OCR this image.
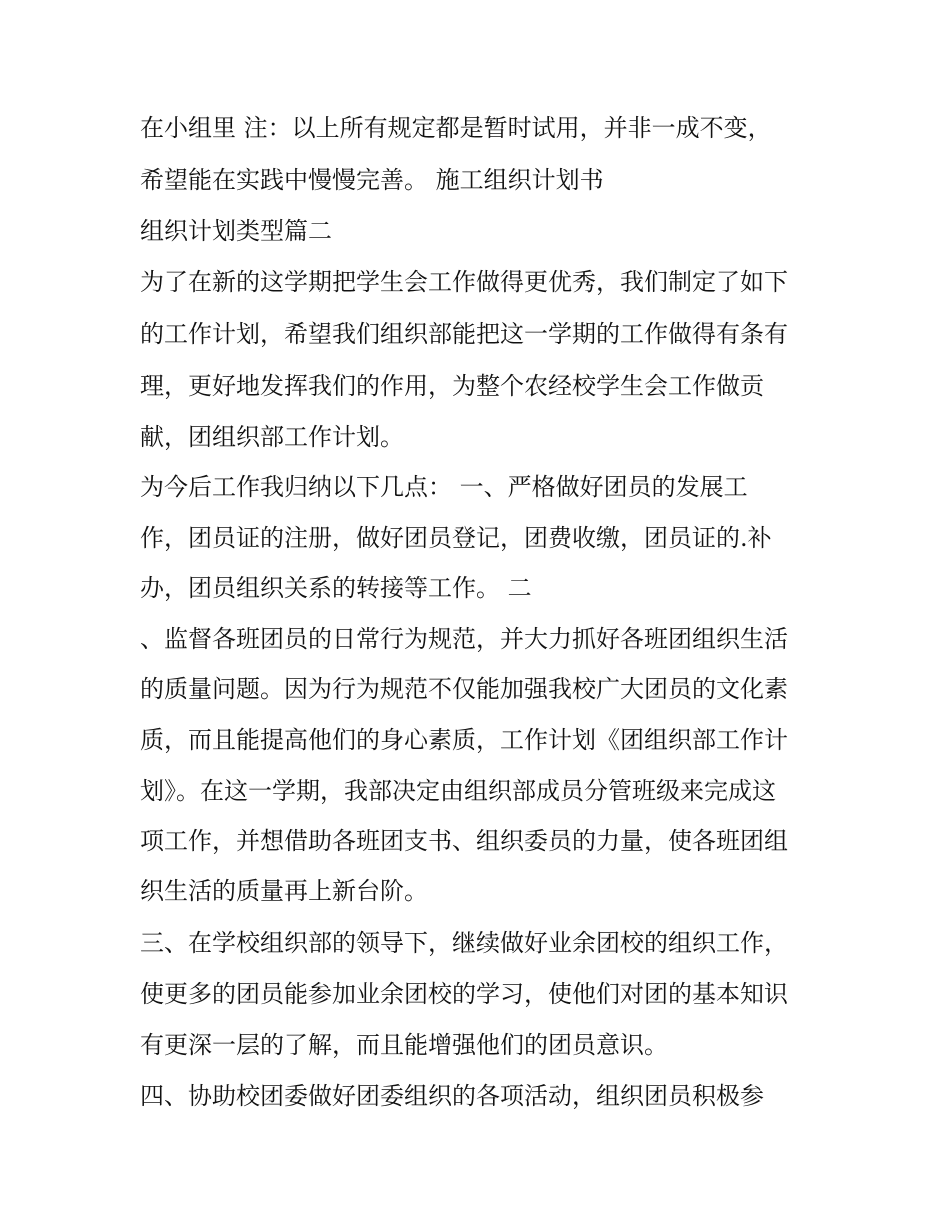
在小组里 注：以上所有规定都是暂时试用，并非一成不变，
希望能在实践中慢慢完善。 施工组织计划书
组织计划类型篇二
为了在新的这学期把学生会工作做得更优秀，我们制定了如下
的工作计划，希望我们组织部能把这一学期的工作做得有条有
理，更好地发挥我们的作用，为整个农经校学生会工作做贡
献，团组织部工作计划。
为今后工作我归纳以下几点： 一、严格做好团员的发展工
作，团员证的注册，做好团员登记，团费收缴，团员证的.补
办，团员组织关系的转接等工作。 二
、监督各班团员的日常行为规范，并大力抓好各班团组织生活
的质量问题。因为行为规范不仅能加强我校广大团员的文化素
质，而且能提高他们的身心素质，工作计划《团组织部工作计
划》。在这一学期，我部决定由组织部成员分管班级来完成这
项工作，并想借助各班团支书、组织委员的力量，使各班团组
织生活的质量再上新台阶。
三、在学校组织部的领导下，继续做好业余团校的组织工作，
使更多的团员能参加业余团校的学习，使他们对团的基本知识
有更深一层的了解，而且能增强他们的团员意识。
四、协助校团委做好团委组织的各项活动，组织团员积极参
